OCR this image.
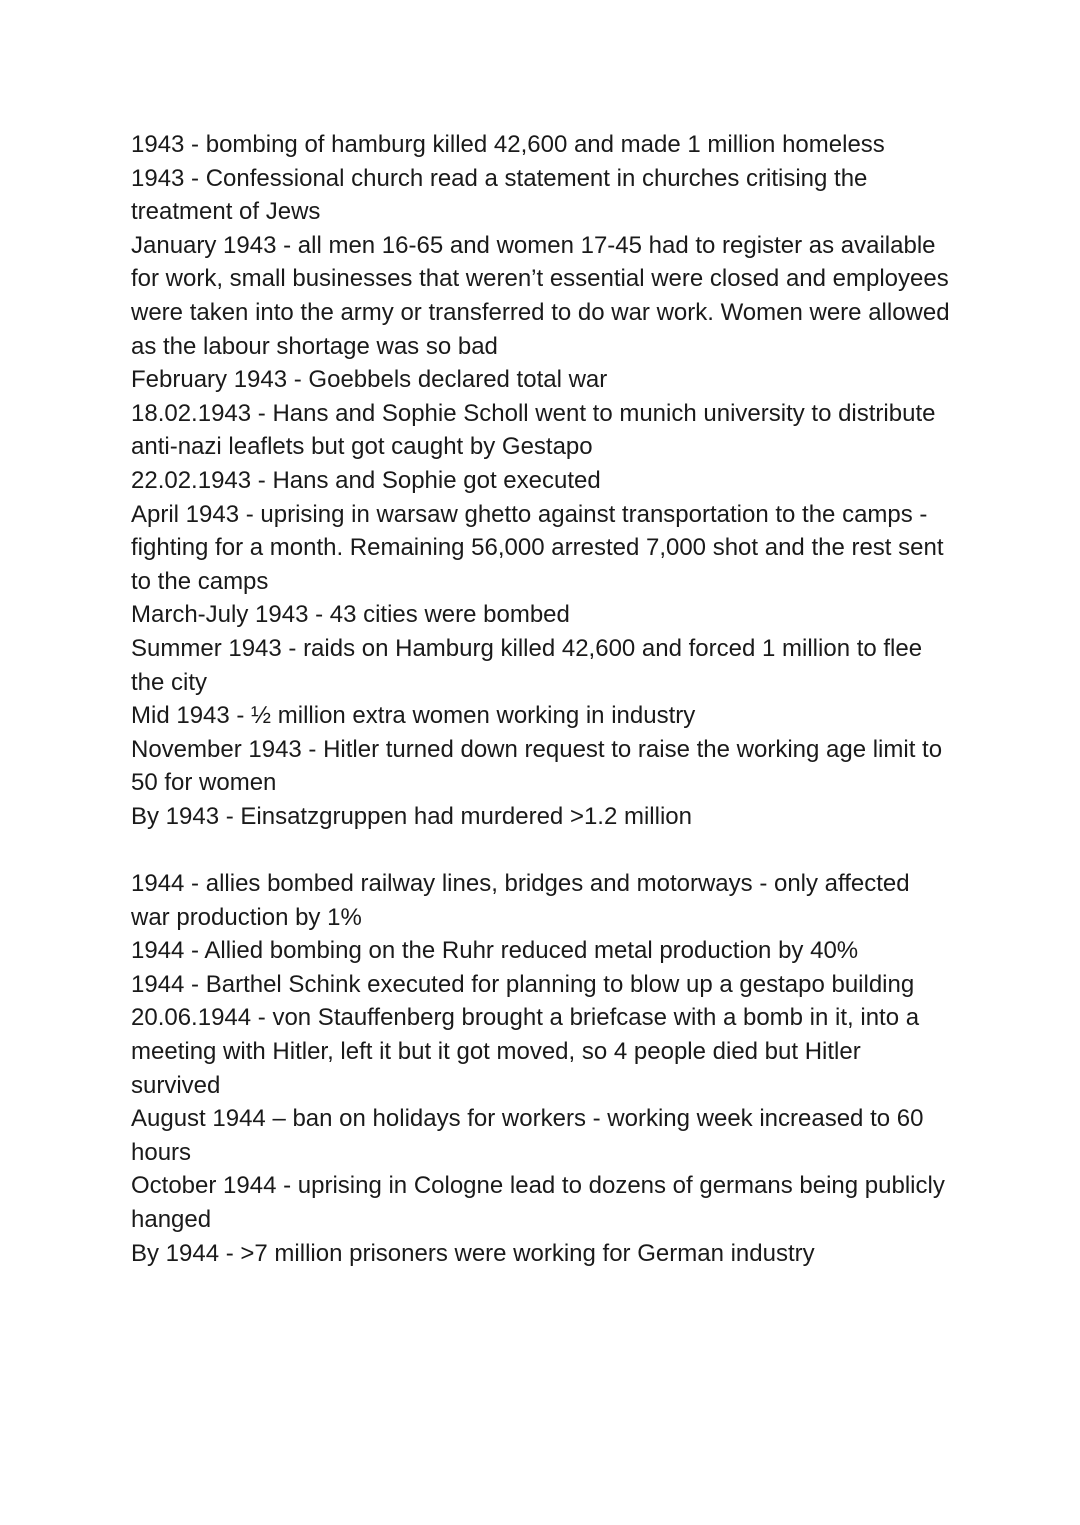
1943 - bombing of hamburg killed 42,600 and made 1 million homeless

1943 - Confessional church read a statement in churches critising the treatment of Jews

January 1943 - all men 16-65 and women 17-45 had to register as available for work, small businesses that weren’t essential were closed and employees were taken into the army or transferred to do war work. Women were allowed as the labour shortage was so bad

February 1943 - Goebbels declared total war

18.02.1943 - Hans and Sophie Scholl went to munich university to distribute anti-nazi leaflets but got caught by Gestapo

22.02.1943 - Hans and Sophie got executed

April 1943 - uprising in warsaw ghetto against transportation to the camps - fighting for a month. Remaining 56,000 arrested 7,000 shot and the rest sent to the camps

March-July 1943 - 43 cities were bombed

Summer 1943 - raids on Hamburg killed 42,600 and forced 1 million to flee the city

Mid 1943 - ½ million extra women working in industry

November 1943 - Hitler turned down request to raise the working age limit to 50 for women

By 1943 - Einsatzgruppen had murdered >1.2 million

1944 - allies bombed railway lines, bridges and motorways - only affected war production by 1%

1944 - Allied bombing on the Ruhr reduced metal production by 40%

1944 - Barthel Schink executed for planning to blow up a gestapo building

20.06.1944 - von Stauffenberg brought a briefcase with a bomb in it, into a meeting with Hitler, left it but it got moved, so 4 people died but Hitler survived

August 1944 – ban on holidays for workers - working week increased to 60 hours

October 1944 - uprising in Cologne lead to dozens of germans being publicly hanged

By 1944 - >7 million prisoners were working for German industry
